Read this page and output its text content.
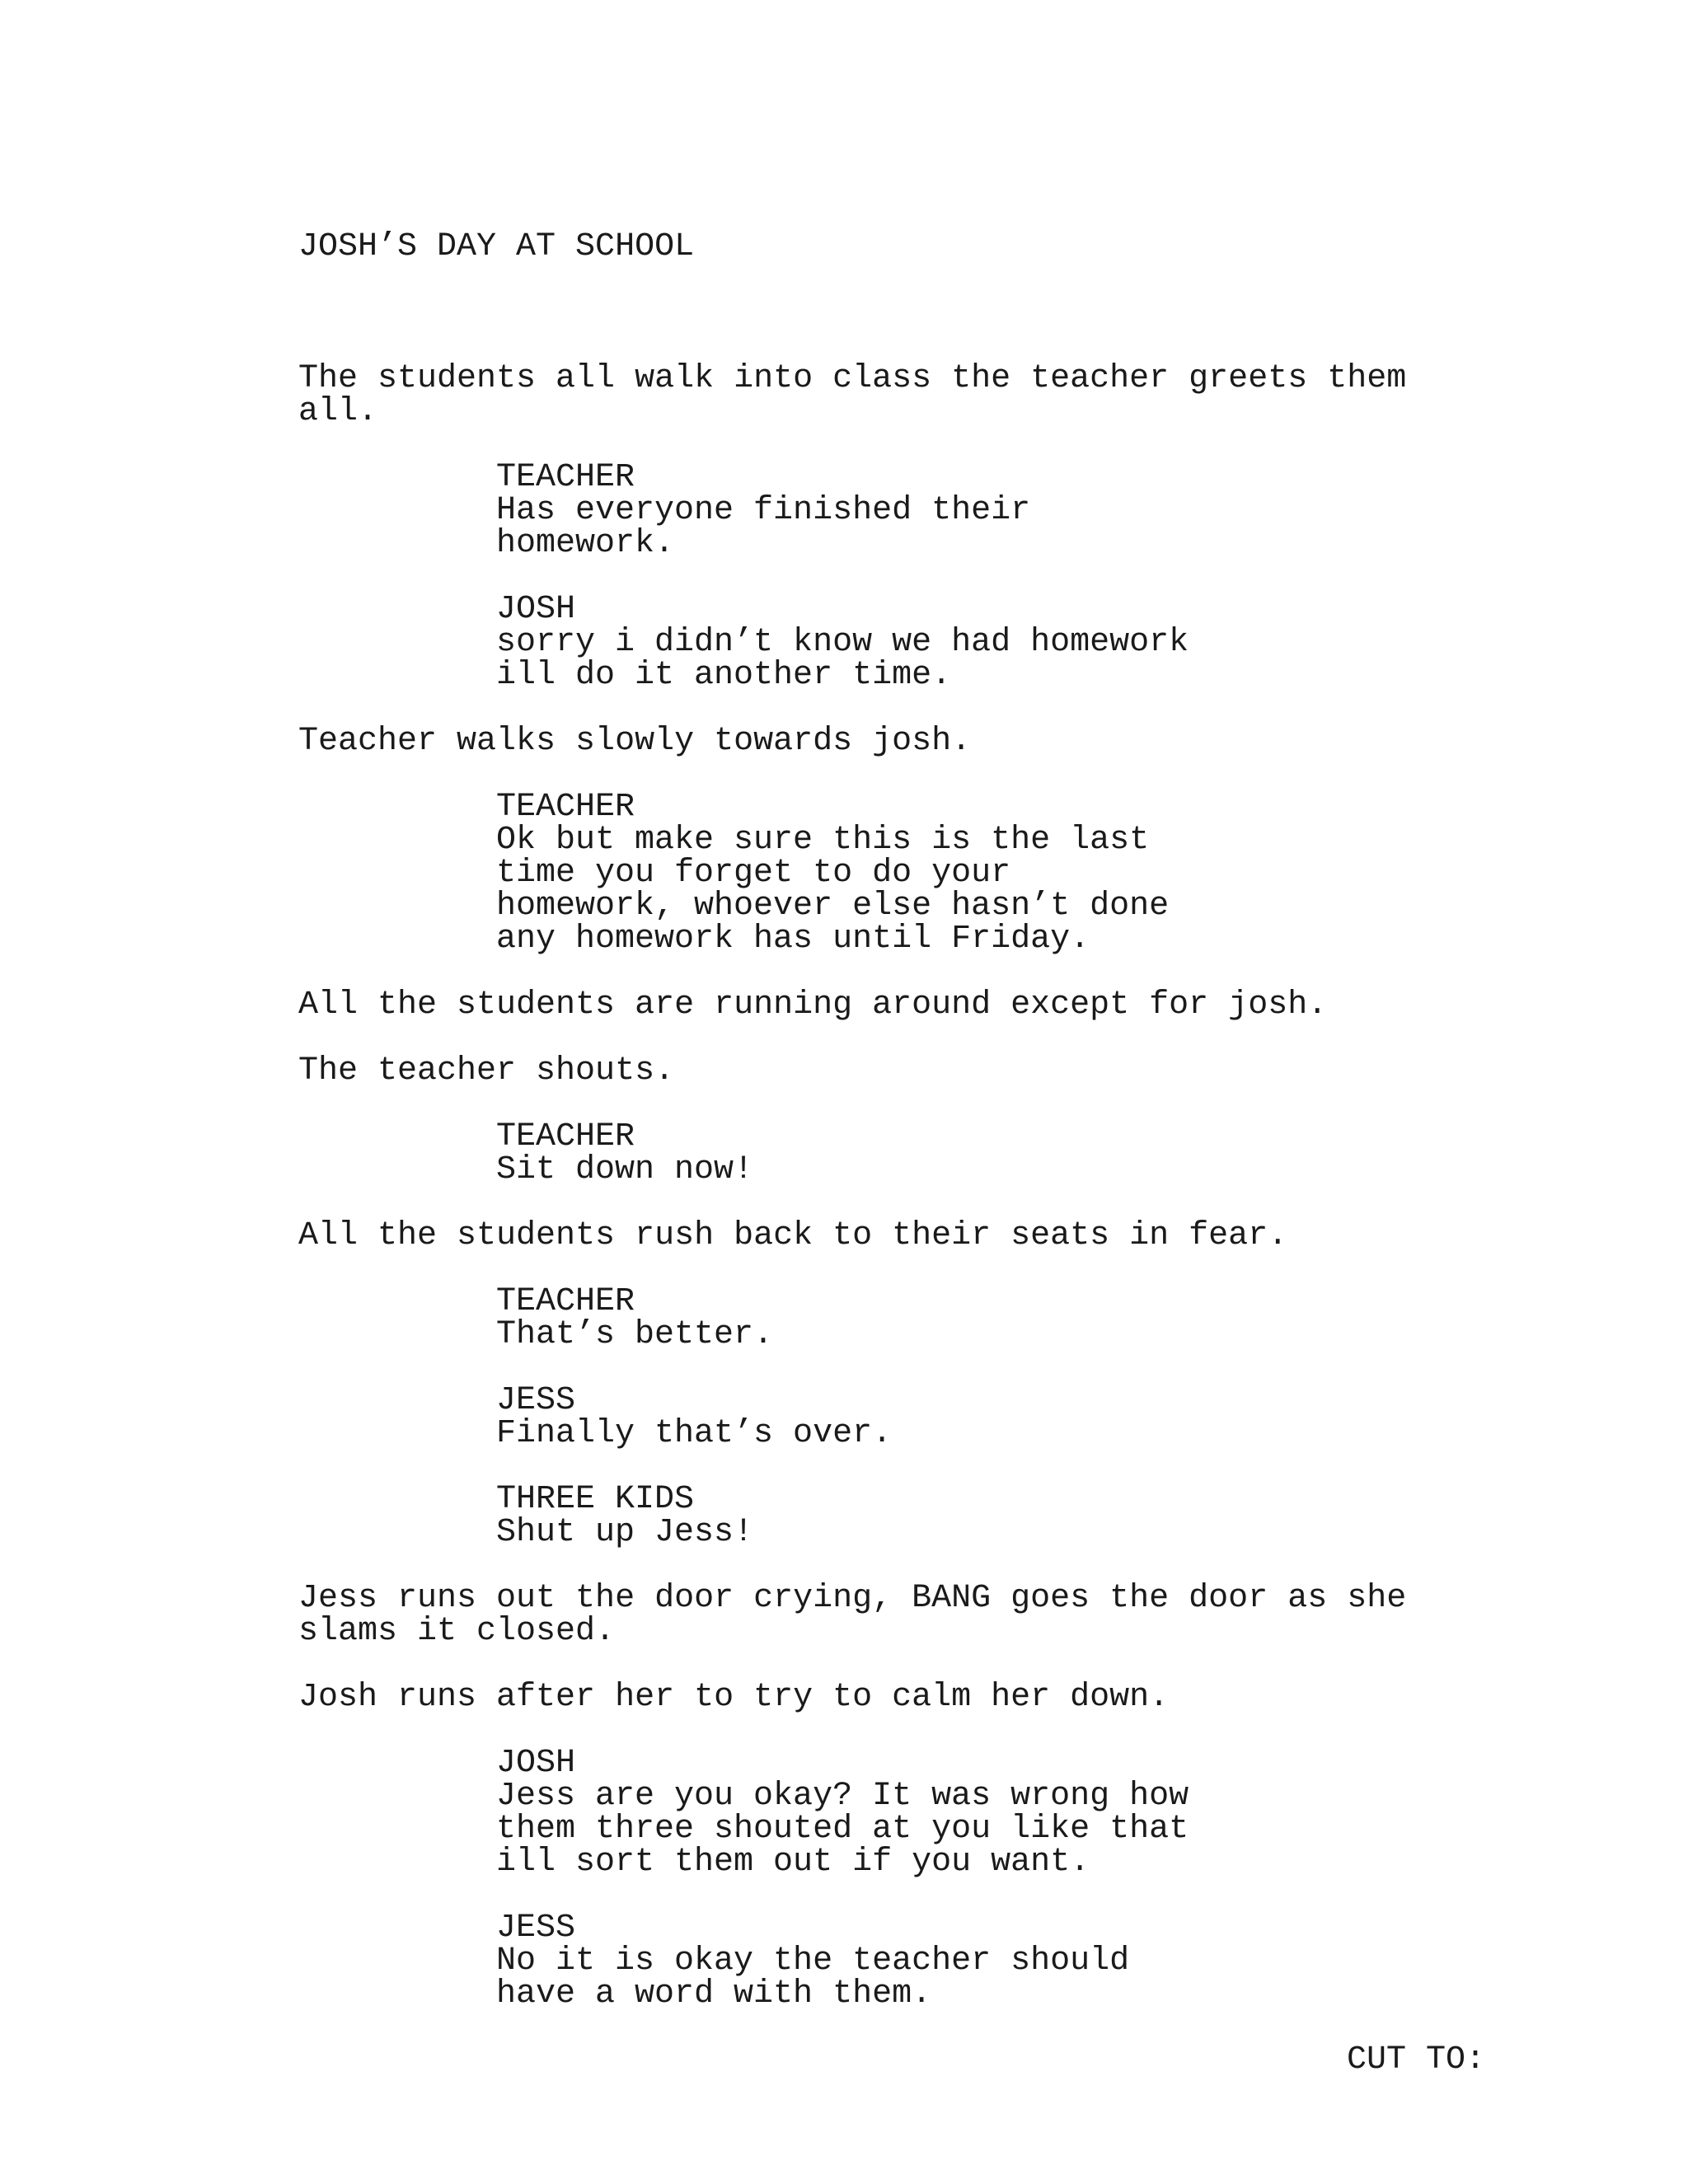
JOSH’S DAY AT SCHOOL

The students all walk into class the teacher greets them
all.
TEACHER
Has everyone finished their
homework.
JOSH
sorry i didn’t know we had homework
ill do it another time.
Teacher walks slowly towards josh.
TEACHER
Ok but make sure this is the last
time you forget to do your
homework, whoever else hasn’t done
any homework has until Friday.
All the students are running around except for josh.
The teacher shouts.
TEACHER
Sit down now!
All the students rush back to their seats in fear.
TEACHER
That’s better.
JESS
Finally that’s over.
THREE KIDS
Shut up Jess!
Jess runs out the door crying, BANG goes the door as she
slams it closed.
Josh runs after her to try to calm her down.
JOSH
Jess are you okay? It was wrong how
them three shouted at you like that
ill sort them out if you want.
JESS
No it is okay the teacher should
have a word with them.
CUT TO:
